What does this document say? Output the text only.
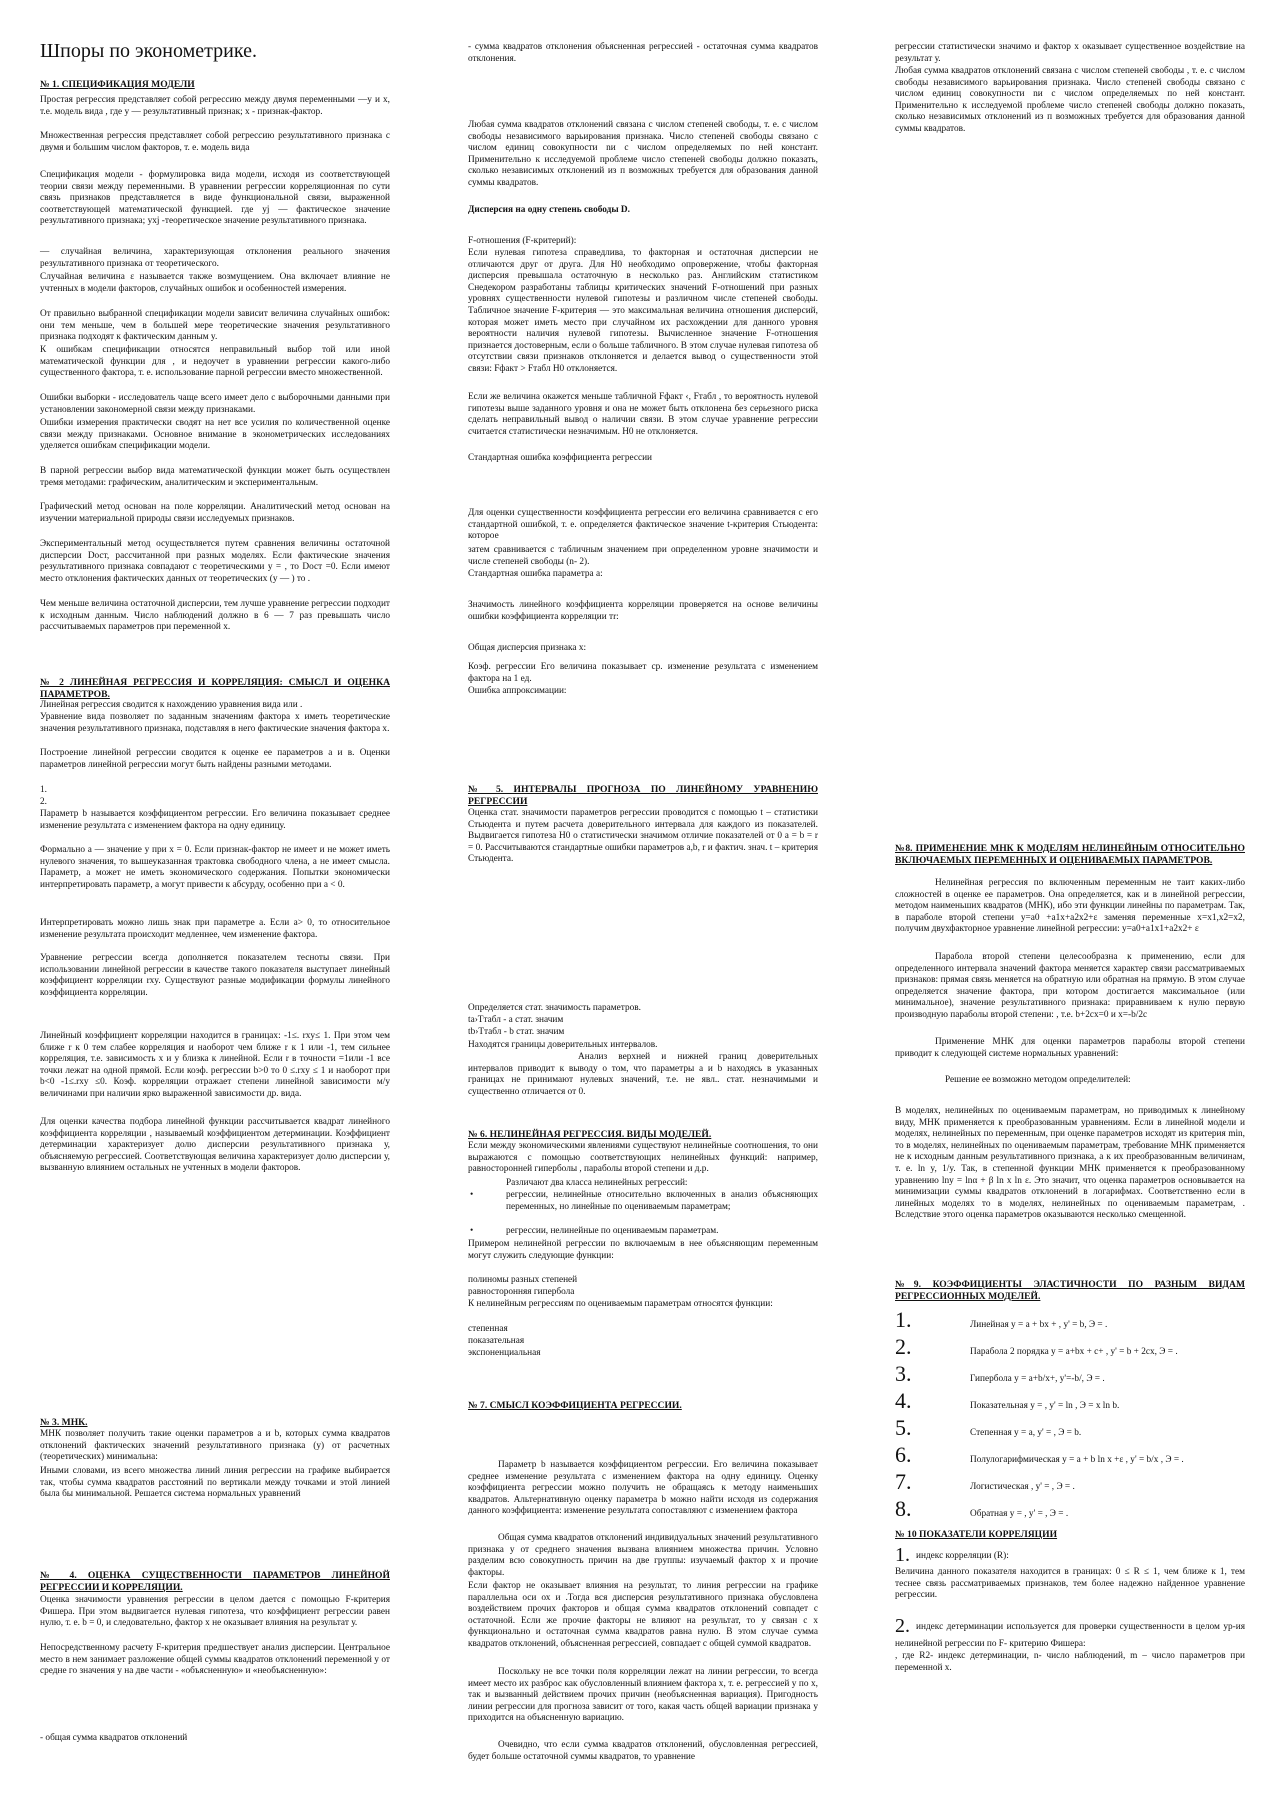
Шпоры по эконометрике.
№ 1. СПЕЦИФИКАЦИЯ МОДЕЛИ
Простая регрессия представляет собой регрессию между двумя переменными —y и x, т.е. модель вида , где у — результативный признак; x - признак-фактор.
Множественная регрессия представляет собой регрессию результативного признака с двумя и большим числом факторов, т. е. модель вида
Спецификация модели - формулировка вида модели, исходя из соответствующей теории связи между переменными. В уравнении регрессии корреляционная по сути связь признаков представляется в виде функциональной связи, выраженной соответствующей математической функцией. где yj — фактическое значение результативного признака; yxj -теоретическое значение результативного признака.
— случайная величина, характеризующая отклонения реального значения результативного признака от теоретического.
Случайная величина ε называется также возмущением. Она включает влияние не учтенных в модели факторов, случайных ошибок и особенностей измерения.
От правильно выбранной спецификации модели зависит величина случайных ошибок: они тем меньше, чем в большей мере теоретические значения результативного признака подходят к фактическим данным y.
К ошибкам спецификации относятся неправильный выбор той или иной математической функции для , и недоучет в уравнении регрессии какого-либо существенного фактора, т. е. использование парной регрессии вместо множественной.
Ошибки выборки - исследователь чаще всего имеет дело с выборочными данными при установлении закономерной связи между признаками.
Ошибки измерения практически сводят на нет все усилия по количественной оценке связи между признаками. Основное внимание в эконометрических исследованиях уделяется ошибкам спецификации модели.
В парной регрессии выбор вида математической функции может быть осуществлен тремя методами: графическим, аналитическим и экспериментальным.
Графический метод основан на поле корреляции. Аналитический метод основан на изучении материальной природы связи исследуемых признаков.
Экспериментальный метод осуществляется путем сравнения величины остаточной дисперсии Dост, рассчитанной при разных моделях. Если фактические значения результативного признака совпадают с теоретическими y = , то Dост =0. Если имеют место отклонения фактических данных от теоретических (y — ) то .
Чем меньше величина остаточной дисперсии, тем лучше уравнение регрессии подходит к исходным данным. Число наблюдений должно в 6 — 7 раз превышать число рассчитываемых параметров при переменной x.
№ 2 ЛИНЕЙНАЯ РЕГРЕССИЯ И КОРРЕЛЯЦИЯ: СМЫСЛ И ОЦЕНКА ПАРАМЕТРОВ.
Линейная регрессия сводится к нахождению уравнения вида или .
Уравнение вида позволяет по заданным значениям фактора x иметь теоретические значения результативного признака, подставляя в него фактические значения фактора x.
Построение линейной регрессии сводится к оценке ее параметров а и в. Оценки параметров линейной регрессии могут быть найдены разными методами.
1.
2.
Параметр b называется коэффициентом регрессии. Его величина показывает среднее изменение результата с изменением фактора на одну единицу.
Формально а — значение у при х = 0. Если признак-фактор не имеет и не может иметь нулевого значения, то вышеуказанная трактовка свободного члена, а не имеет смысла. Параметр, а может не иметь экономического содержания. Попытки экономически интерпретировать параметр, а могут привести к абсурду, особенно при а < 0.
Интерпретировать можно лишь знак при параметре а. Если а> 0, то относительное изменение результата происходит медленнее, чем изменение фактора.
Уравнение регрессии всегда дополняется показателем тесноты связи. При использовании линейной регрессии в качестве такого показателя выступает линейный коэффициент корреляции rxy. Существуют разные модификации формулы линейного коэффициента корреляции.
Линейный коэффициент корреляции находится в границах: -1≤. rxy≤ 1. При этом чем ближе r к 0 тем слабее корреляция и наоборот чем ближе r к 1 или -1, тем сильнее корреляция, т.е. зависимость х и у близка к линейной. Если r в точности =1или -1 все точки лежат на одной прямой. Если коэф. регрессии b>0 то 0 ≤.rxy ≤ 1 и наоборот при b<0 -1≤.rxy ≤0. Коэф. корреляции отражает степени линейной зависимости м/у величинами при наличии ярко выраженной зависимости др. вида.
Для оценки качества подбора линейной функции рассчитывается квадрат линейного коэффициента корреляции , называемый коэффициентом детерминации. Коэффициент детерминации характеризует долю дисперсии результативного признака у, объясняемую регрессией. Соответствующая величина характеризует долю дисперсии у, вызванную влиянием остальных не учтенных в модели факторов.
№ 3. МНК.
МНК позволяет получить такие оценки параметров а и b, которых сумма квадратов отклонений фактических значений результативного признака (у) от расчетных (теоретических) минимальна:
Иными словами, из всего множества линий линия регрессии на графике выбирается так, чтобы сумма квадратов расстояний по вертикали между точками и этой линией была бы минимальной. Решается система нормальных уравнений
№ 4. ОЦЕНКА СУЩЕСТВЕННОСТИ ПАРАМЕТРОВ ЛИНЕЙНОЙ РЕГРЕССИИ И КОРРЕЛЯЦИИ.
Оценка значимости уравнения регрессии в целом дается с помощью F-критерия Фишера. При этом выдвигается нулевая гипотеза, что коэффициент регрессии равен нулю, т. е. b = 0, и следовательно, фактор х не оказывает влияния на результат у.
Непосредственному расчету F-критерия предшествует анализ дисперсии. Центральное место в нем занимает разложение общей суммы квадратов отклонений переменной у от средне го значения у на две части - «объясненную» и «необъясненную»:
- общая сумма квадратов отклонений
- сумма квадратов отклонения объясненная регрессией - остаточная сумма квадратов отклонения.
Любая сумма квадратов отклонений связана с числом степеней свободы, т. е. с числом свободы независимого варьирования признака. Число степеней свободы связано с числом единиц совокупности nи с числом определяемых по ней констант. Применительно к исследуемой проблеме число степеней свободы должно показать, сколько независимых отклонений из п возможных требуется для образования данной суммы квадратов.
Дисперсия на одну степень свободы D.
F-отношения (F-критерий):
Если нулевая гипотеза справедлива, то факторная и остаточная дисперсии не отличаются друг от друга. Для Н0 необходимо опровержение, чтобы факторная дисперсия превышала остаточную в несколько раз. Английским статистиком Снедекором разработаны таблицы критических значений F-отношений при разных уровнях существенности нулевой гипотезы и различном числе степеней свободы. Табличное значение F-критерия — это максимальная величина отношения дисперсий, которая может иметь место при случайном их расхождении для данного уровня вероятности наличия нулевой гипотезы. Вычисленное значение F-отношения признается достоверным, если о больше табличного. В этом случае нулевая гипотеза об отсутствии связи признаков отклоняется и делается вывод о существенности этой связи: Fфакт > Fтабл Н0 отклоняется.
Если же величина окажется меньше табличной Fфакт ‹, Fтабл , то вероятность нулевой гипотезы выше заданного уровня и она не может быть отклонена без серьезного риска сделать неправильный вывод о наличии связи. В этом случае уравнение регрессии считается статистически незначимым. Н0 не отклоняется.
Стандартная ошибка коэффициента регрессии
Для оценки существенности коэффициента регрессии его величина сравнивается с его стандартной ошибкой, т. е. определяется фактическое значение t-критерия Стьюдента: которое
затем сравнивается с табличным значением при определенном уровне значимости и числе степеней свободы (n- 2).
Стандартная ошибка параметра а:
Значимость линейного коэффициента корреляции проверяется на основе величины ошибки коэффициента корреляции тr:
Общая дисперсия признака х:
Коэф. регрессии Его величина показывает ср. изменение результата с изменением фактора на 1 ед.
Ошибка аппроксимации:
№ 5. ИНТЕРВАЛЫ ПРОГНОЗА ПО ЛИНЕЙНОМУ УРАВНЕНИЮ РЕГРЕССИИ
Оценка стат. значимости параметров регрессии проводится с помощью t – статистики Стьюдента и путем расчета доверительного интервала для каждого из показателей. Выдвигается гипотеза Н0 о статистически значимом отличие показателей от 0 a = b = r = 0. Рассчитываются стандартные ошибки параметров а,b, r и фактич. знач. t – критерия Стьюдента.
Определяется стат. значимость параметров.
ta›Tтабл - a стат. значим
tb›Tтабл - b стат. значим
Находятся границы доверительных интервалов.
Анализ верхней и нижней границ доверительных интервалов приводит к выводу о том, что параметры a и b находясь в указанных границах не принимают нулевых значений, т.е. не явл.. стат. незначимыми и существенно отличается от 0.
№ 6. НЕЛИНЕЙНАЯ РЕГРЕССИЯ. ВИДЫ МОДЕЛЕЙ.
Если между экономическими явлениями существуют нелинейные соотношения, то они выражаются с помощью соответствующих нелинейных функций: например, равносторонней гиперболы , параболы второй степени и д.р.
Различают два класса нелинейных регрессий:
• регрессии, нелинейные относительно включенных в анализ объясняющих переменных, но линейные по оцениваемым параметрам;
• регрессии, нелинейные по оцениваемым параметрам.
Примером нелинейной регрессии по включаемым в нее объясняющим переменным могут служить следующие функции:
полиномы разных степеней
равносторонняя гипербола
К нелинейным регрессиям по оцениваемым параметрам относятся функции:
степенная
показательная
экспоненциальная
№ 7. СМЫСЛ КОЭФФИЦИЕНТА РЕГРЕССИИ.
Параметр b называется коэффициентом регрессии. Его величина показывает среднее изменение результата с изменением фактора на одну единицу. Оценку коэффициента регрессии можно получить не обращаясь к методу наименьших квадратов. Альтернативную оценку параметра b можно найти исходя из содержания данного коэффициента: изменение результата сопоставляют с изменением фактора
Общая сумма квадратов отклонений индивидуальных значений результативного признака у от среднего значения вызвана влиянием множества причин. Условно разделим всю совокупность причин на две группы: изучаемый фактор х и прочие факторы.
Если фактор не оказывает влияния на результат, то линия регрессии на графике параллельна оси ох и .Тогда вся дисперсия результативного признака обусловлена воздействием прочих факторов и общая сумма квадратов отклонений совпадет с остаточной. Если же прочие факторы не влияют на результат, то у связан с х функционально и остаточная сумма квадратов равна нулю. В этом случае сумма квадратов отклонений, объясненная регрессией, совпадает с общей суммой квадратов.
Поскольку не все точки поля корреляции лежат на линии регрессии, то всегда имеет место их разброс как обусловленный влиянием фактора х, т. е. регрессией у по х, так и вызванный действием прочих причин (необъясненная вариация). Пригодность линии регрессии для прогноза зависит от того, какая часть общей вариации признака у приходится на объясненную вариацию.
Очевидно, что если сумма квадратов отклонений, обусловленная регрессией, будет больше остаточной суммы квадратов, то уравнение
регрессии статистически значимо и фактор х оказывает существенное воздействие на результат у.
Любая сумма квадратов отклонений связана с числом степеней свободы , т. е. с числом свободы независимого варьирования признака. Число степеней свободы связано с числом единиц совокупности nи с числом определяемых по ней констант. Применительно к исследуемой проблеме число степеней свободы должно показать, сколько независимых отклонений из п возможных требуется для образования данной суммы квадратов.
№8. ПРИМЕНЕНИЕ МНК К МОДЕЛЯМ НЕЛИНЕЙНЫМ ОТНОСИТЕЛЬНО ВКЛЮЧАЕМЫХ ПЕРЕМЕННЫХ И ОЦЕНИВАЕМЫХ ПАРАМЕТРОВ.
Нелинейная регрессия по включенным переменным не таит каких-либо сложностей в оценке ее параметров. Она определяется, как и в линейной регрессии, методом наименьших квадратов (МНК), ибо эти функции линейны по параметрам. Так, в параболе второй степени y=a0 +a1x+a2x2+ε заменяя переменные x=x1,x2=x2, получим двухфакторное уравнение линейной регрессии: у=а0+а1х1+а2х2+ ε
Парабола второй степени целесообразна к применению, если для определенного интервала значений фактора меняется характер связи рассматриваемых признаков: прямая связь меняется на обратную или обратная на прямую. В этом случае определяется значение фактора, при котором достигается максимальное (или минимальное), значение результативного признака: приравниваем к нулю первую производную параболы второй степени: , т.е. b+2cx=0 и x=-b/2c
Применение МНК для оценки параметров параболы второй степени приводит к следующей системе нормальных уравнений:
Решение ее возможно методом определителей:
В моделях, нелинейных по оцениваемым параметрам, но приводимых к линейному виду, МНК применяется к преобразованным уравнениям. Если в линейной модели и моделях, нелинейных по переменным, при оценке параметров исходят из критерия min, то в моделях, нелинейных по оцениваемым параметрам, требование МНК применяется не к исходным данным результативного признака, а к их преобразованным величинам, т. е. ln y, 1/y. Так, в степенной функции МНК применяется к преобразованному уравнению lny = lnα + β ln x ln ε. Это значит, что оценка параметров основывается на минимизации суммы квадратов отклонений в логарифмах. Соответственно если в линейных моделях то в моделях, нелинейных по оцениваемым параметрам, . Вследствие этого оценка параметров оказываются несколько смещенной.
№9. КОЭФФИЦИЕНТЫ ЭЛАСТИЧНОСТИ ПО РАЗНЫМ ВИДАМ РЕГРЕССИОННЫХ МОДЕЛЕЙ.
1.	Линейная y = a + bx + , y' = b, Э = .
2.	Парабола 2 порядка y = a+bx + c+ , y' = b + 2cx, Э = .
3.	Гипербола y = a+b/x+, y'=-b/, Э = .
4.	Показательная y = , y' = ln , Э = x ln b.
5.	Степенная y = a, y' = , Э = b.
6.	Полулогарифмическая y = a + b ln x +ε , y' = b/x , Э = .
7.	Логистическая , y' = , Э = .
8.	Обратная y = , y' = , Э = .
№ 10 ПОКАЗАТЕЛИ КОРРЕЛЯЦИИ
1. индекс корреляции (R):
Величина данного показателя находится в границах: 0 ≤ R ≤ 1, чем ближе к 1, тем теснее связь рассматриваемых признаков, тем более надежно найденное уравнение регрессии.
2. индекс детерминации используется для проверки существенности в целом ур-ия нелинейной регрессии по F- критерию Фишера:
, где R2- индекс детерминации, n- число наблюдений, m – число параметров при переменной х.
